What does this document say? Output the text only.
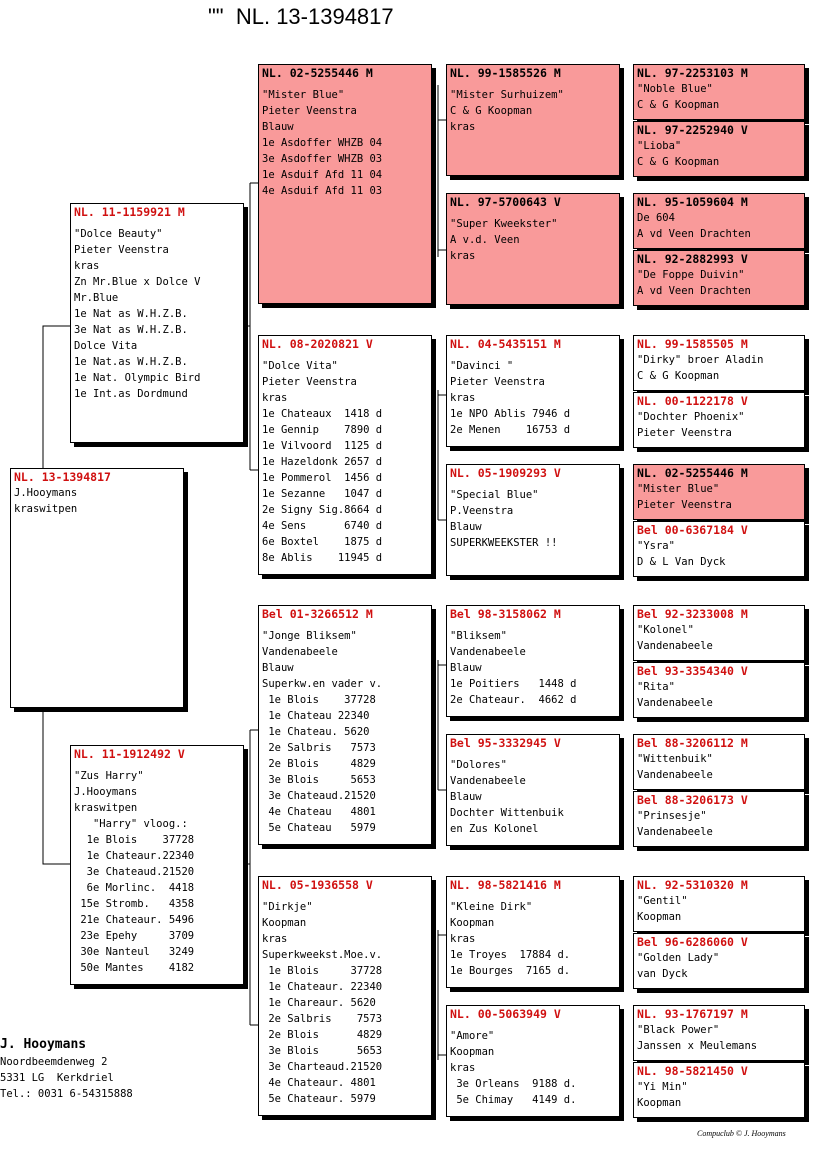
""  NL. 13-1394817
NL. 13-1394817
J.Hooymans
kraswitpen
NL. 11-1159921 M
"Dolce Beauty"
Pieter Veenstra
kras
Zn Mr.Blue x Dolce V
Mr.Blue
1e Nat as W.H.Z.B.
3e Nat as W.H.Z.B.
Dolce Vita
1e Nat.as W.H.Z.B.
1e Nat. Olympic Bird
1e Int.as Dordmund
NL. 11-1912492 V
"Zus Harry"
J.Hooymans
kraswitpen
"Harry" vloog.:
1e Blois    37728
1e Chateaur.22340
3e Chateaud.21520
6e Morlinc.  4418
15e Stromb.   4358
21e Chateaur. 5496
23e Epehy     3709
30e Nanteul   3249
50e Mantes    4182
NL. 02-5255446 M
"Mister Blue"
Pieter Veenstra
Blauw
1e Asdoffer WHZB 04
3e Asdoffer WHZB 03
1e Asduif Afd 11 04
4e Asduif Afd 11 03
NL. 08-2020821 V
"Dolce Vita"
Pieter Veenstra
kras
1e Chateaux  1418 d
1e Gennip    7890 d
1e Vilvoord  1125 d
1e Hazeldonk 2657 d
1e Pommerol  1456 d
1e Sezanne   1047 d
2e Signy Sig.8664 d
4e Sens      6740 d
6e Boxtel    1875 d
8e Ablis    11945 d
Bel 01-3266512 M
"Jonge Bliksem"
Vandenabeele
Blauw
Superkw.en vader v.
1e Blois    37728
1e Chateau 22340
1e Chateau. 5620
2e Salbris   7573
2e Blois     4829
3e Blois     5653
3e Chateaud.21520
4e Chateau   4801
5e Chateau   5979
NL. 05-1936558 V
"Dirkje"
Koopman
kras
Superkweekst.Moe.v.
1e Blois     37728
1e Chateaur. 22340
1e Chareaur. 5620
2e Salbris    7573
2e Blois      4829
3e Blois      5653
3e Charteaud.21520
4e Chateaur. 4801
5e Chateaur. 5979
NL. 99-1585526 M
"Mister Surhuizem"
C & G Koopman
kras
NL. 97-5700643 V
"Super Kweekster"
A v.d. Veen
kras
NL. 04-5435151 M
"Davinci "
Pieter Veenstra
kras
1e NPO Ablis 7946 d
2e Menen    16753 d
NL. 05-1909293 V
"Special Blue"
P.Veenstra
Blauw
SUPERKWEEKSTER !!
Bel 98-3158062 M
"Bliksem"
Vandenabeele
Blauw
1e Poitiers   1448 d
2e Chateaur.  4662 d
Bel 95-3332945 V
"Dolores"
Vandenabeele
Blauw
Dochter Wittenbuik
en Zus Kolonel
NL. 98-5821416 M
"Kleine Dirk"
Koopman
kras
1e Troyes  17884 d.
1e Bourges  7165 d.
NL. 00-5063949 V
"Amore"
Koopman
kras
3e Orleans  9188 d.
5e Chimay   4149 d.
NL. 97-2253103 M
"Noble Blue"
C & G Koopman
NL. 97-2252940 V
"Lioba"
C & G Koopman
NL. 95-1059604 M
De 604
A vd Veen Drachten
NL. 92-2882993 V
"De Foppe Duivin"
A vd Veen Drachten
NL. 99-1585505 M
"Dirky" broer Aladin
C & G Koopman
NL. 00-1122178 V
"Dochter Phoenix"
Pieter Veenstra
NL. 02-5255446 M
"Mister Blue"
Pieter Veenstra
Bel 00-6367184 V
"Ysra"
D & L Van Dyck
Bel 92-3233008 M
"Kolonel"
Vandenabeele
Bel 93-3354340 V
"Rita"
Vandenabeele
Bel 88-3206112 M
"Wittenbuik"
Vandenabeele
Bel 88-3206173 V
"Prinsesje"
Vandenabeele
NL. 92-5310320 M
"Gentil"
Koopman
Bel 96-6286060 V
"Golden Lady"
van Dyck
NL. 93-1767197 M
"Black Power"
Janssen x Meulemans
NL. 98-5821450 V
"Yi Min"
Koopman
J. Hooymans
Noordbeemdenweg 2
5331 LG  Kerkdriel
Tel.: 0031 6-54315888
Compuclub © J. Hooymans
